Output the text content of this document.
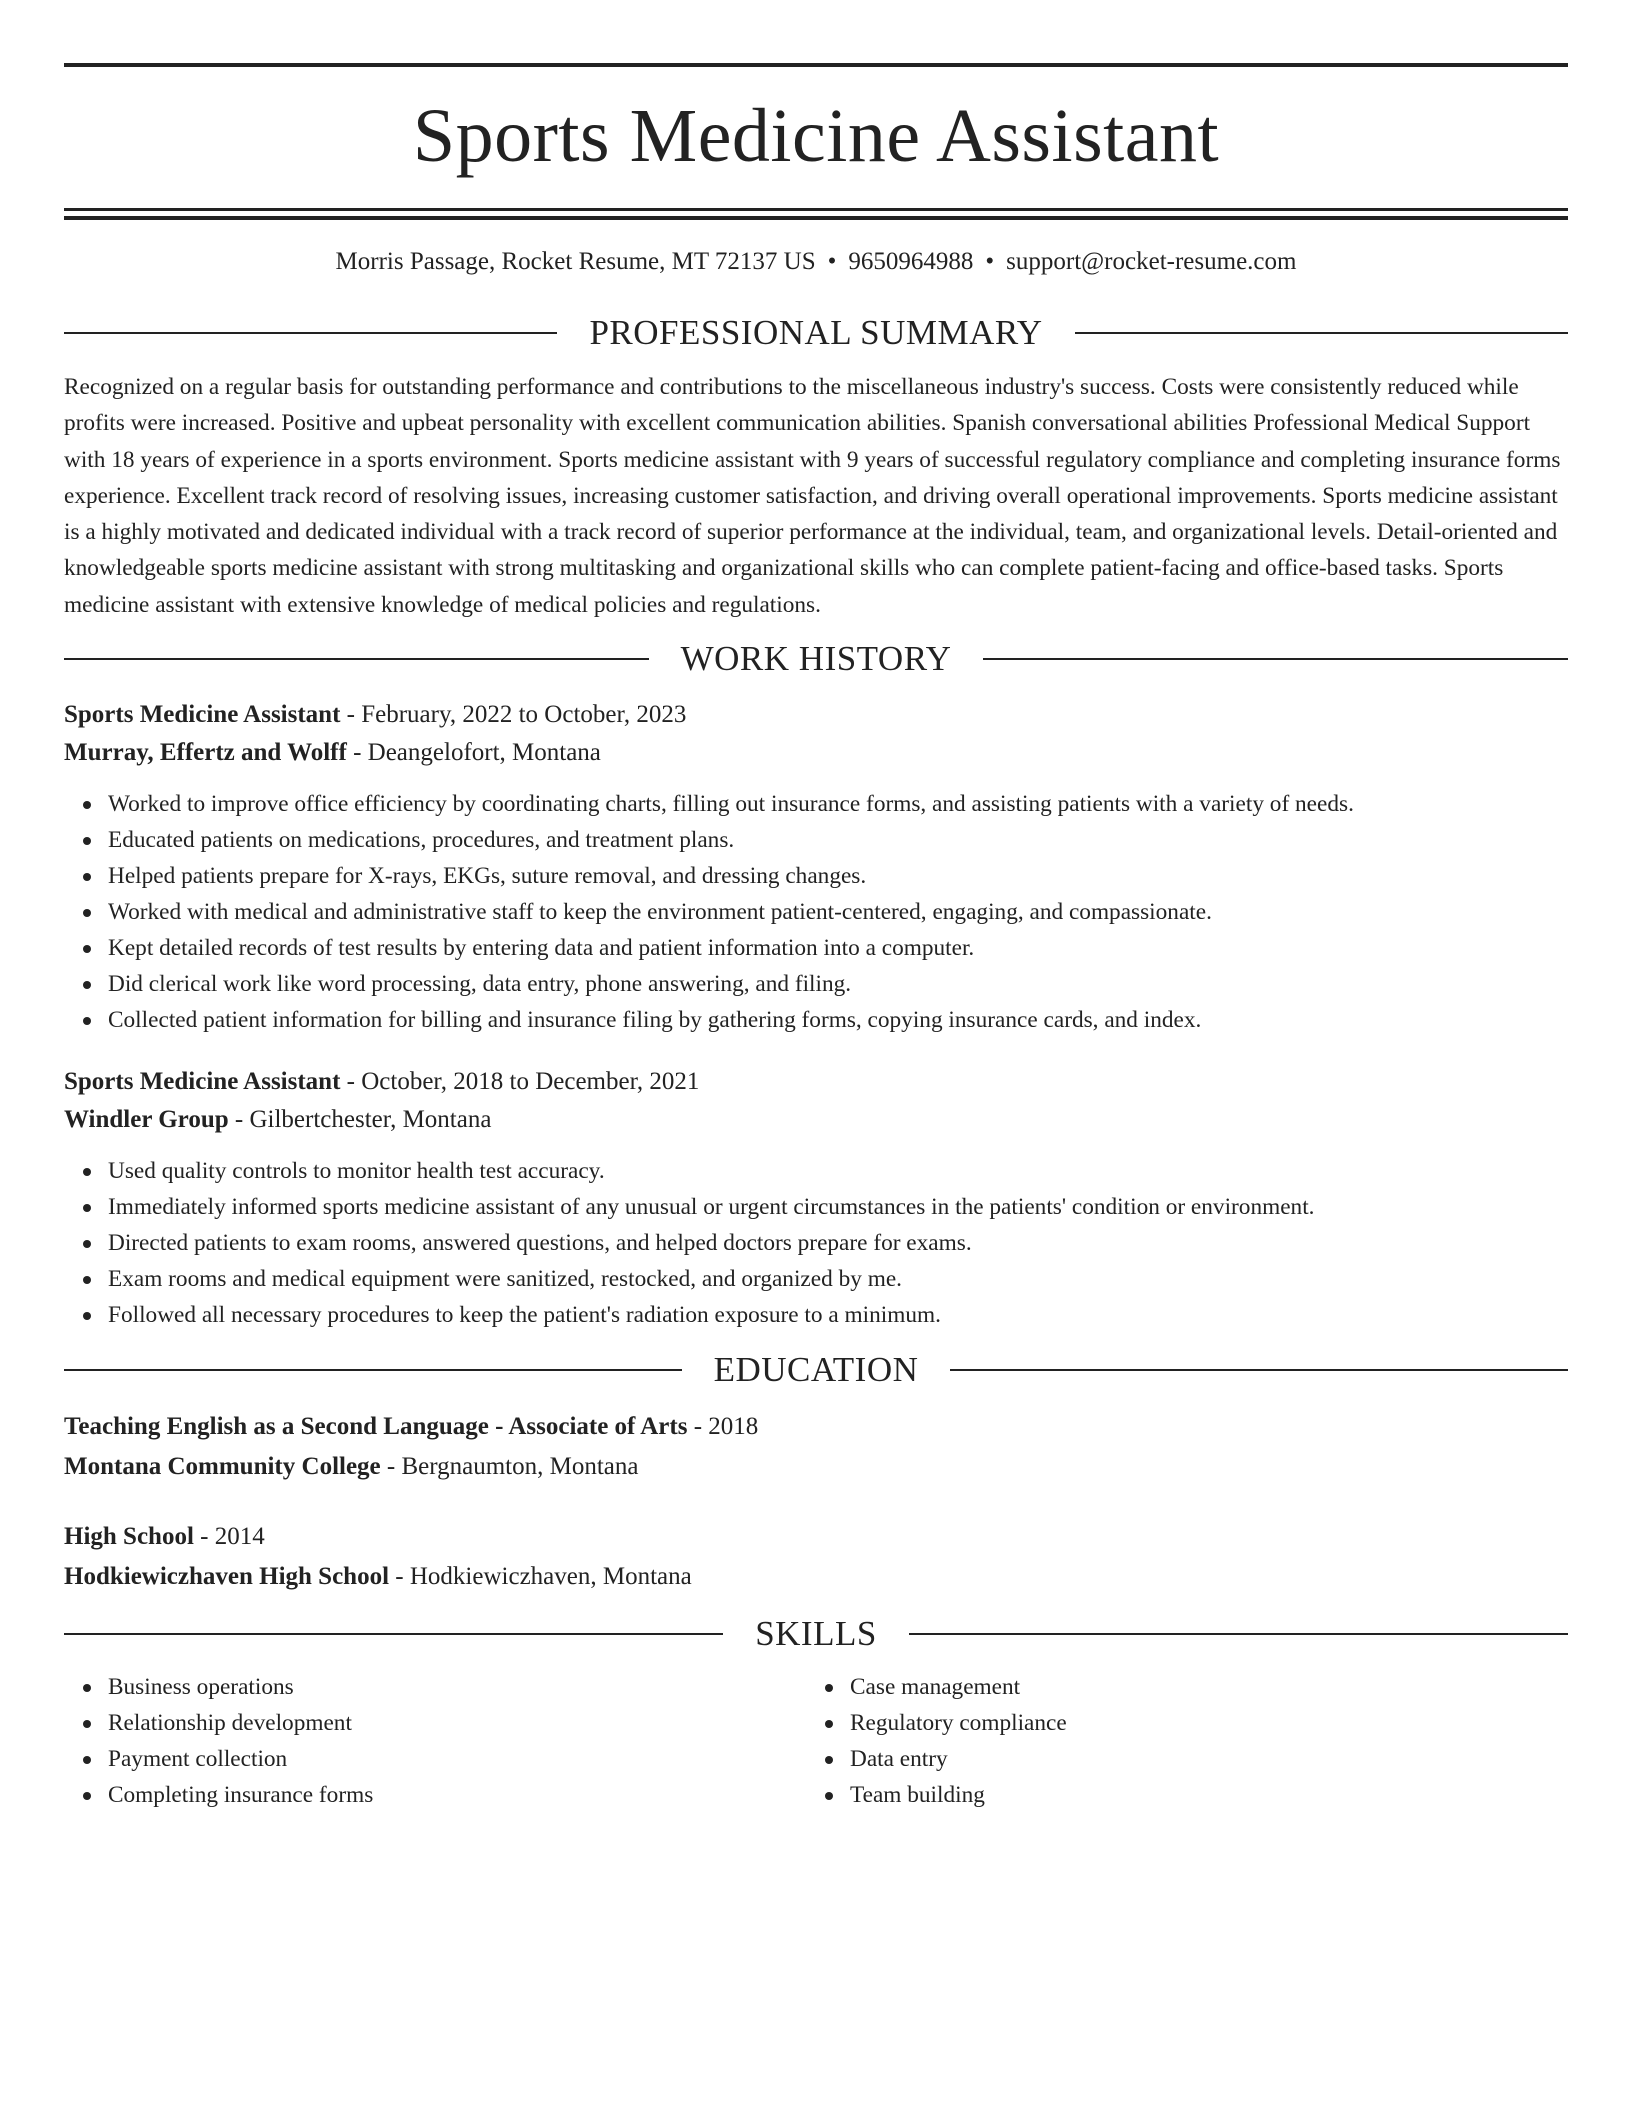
Sports Medicine Assistant
Morris Passage, Rocket Resume, MT 72137 US • 9650964988 • support@rocket-resume.com
PROFESSIONAL SUMMARY
Recognized on a regular basis for outstanding performance and contributions to the miscellaneous industry's success. Costs were consistently reduced while profits were increased. Positive and upbeat personality with excellent communication abilities. Spanish conversational abilities Professional Medical Support with 18 years of experience in a sports environment. Sports medicine assistant with 9 years of successful regulatory compliance and completing insurance forms experience. Excellent track record of resolving issues, increasing customer satisfaction, and driving overall operational improvements. Sports medicine assistant is a highly motivated and dedicated individual with a track record of superior performance at the individual, team, and organizational levels. Detail-oriented and knowledgeable sports medicine assistant with strong multitasking and organizational skills who can complete patient-facing and office-based tasks. Sports medicine assistant with extensive knowledge of medical policies and regulations.
WORK HISTORY
Sports Medicine Assistant - February, 2022 to October, 2023
Murray, Effertz and Wolff - Deangelofort, Montana
Worked to improve office efficiency by coordinating charts, filling out insurance forms, and assisting patients with a variety of needs.
Educated patients on medications, procedures, and treatment plans.
Helped patients prepare for X-rays, EKGs, suture removal, and dressing changes.
Worked with medical and administrative staff to keep the environment patient-centered, engaging, and compassionate.
Kept detailed records of test results by entering data and patient information into a computer.
Did clerical work like word processing, data entry, phone answering, and filing.
Collected patient information for billing and insurance filing by gathering forms, copying insurance cards, and index.
Sports Medicine Assistant - October, 2018 to December, 2021
Windler Group - Gilbertchester, Montana
Used quality controls to monitor health test accuracy.
Immediately informed sports medicine assistant of any unusual or urgent circumstances in the patients' condition or environment.
Directed patients to exam rooms, answered questions, and helped doctors prepare for exams.
Exam rooms and medical equipment were sanitized, restocked, and organized by me.
Followed all necessary procedures to keep the patient's radiation exposure to a minimum.
EDUCATION
Teaching English as a Second Language - Associate of Arts - 2018
Montana Community College - Bergnaumton, Montana
High School - 2014
Hodkiewiczhaven High School - Hodkiewiczhaven, Montana
SKILLS
Business operations
Relationship development
Payment collection
Completing insurance forms
Case management
Regulatory compliance
Data entry
Team building
